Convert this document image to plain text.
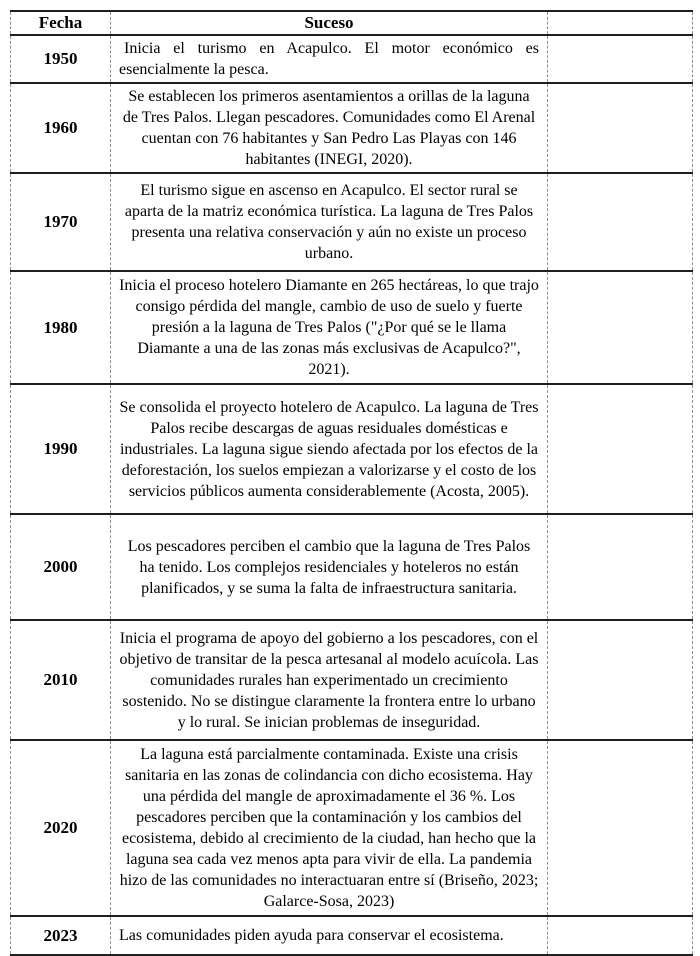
Fecha	Suceso	
1950	Inicia el turismo en Acapulco. El motor económico es esencialmente la pesca.	
1960	Se establecen los primeros asentamientos a orillas de la laguna de Tres Palos. Llegan pescadores. Comunidades como El Arenal cuentan con 76 habitantes y San Pedro Las Playas con 146 habitantes (INEGI, 2020).	
1970	El turismo sigue en ascenso en Acapulco. El sector rural se aparta de la matriz económica turística. La laguna de Tres Palos presenta una relativa conservación y aún no existe un proceso urbano.	
1980	Inicia el proceso hotelero Diamante en 265 hectáreas, lo que trajo consigo pérdida del mangle, cambio de uso de suelo y fuerte presión a la laguna de Tres Palos ("¿Por qué se le llama Diamante a una de las zonas más exclusivas de Acapulco?", 2021).	
1990	Se consolida el proyecto hotelero de Acapulco. La laguna de Tres Palos recibe descargas de aguas residuales domésticas e industriales. La laguna sigue siendo afectada por los efectos de la deforestación, los suelos empiezan a valorizarse y el costo de los servicios públicos aumenta considerablemente (Acosta, 2005).	
2000	Los pescadores perciben el cambio que la laguna de Tres Palos ha tenido. Los complejos residenciales y hoteleros no están planificados, y se suma la falta de infraestructura sanitaria.	
2010	Inicia el programa de apoyo del gobierno a los pescadores, con el objetivo de transitar de la pesca artesanal al modelo acuícola. Las comunidades rurales han experimentado un crecimiento sostenido. No se distingue claramente la frontera entre lo urbano y lo rural. Se inician problemas de inseguridad.	
2020	La laguna está parcialmente contaminada. Existe una crisis sanitaria en las zonas de colindancia con dicho ecosistema. Hay una pérdida del mangle de aproximadamente el 36 %. Los pescadores perciben que la contaminación y los cambios del ecosistema, debido al crecimiento de la ciudad, han hecho que la laguna sea cada vez menos apta para vivir de ella. La pandemia hizo de las comunidades no interactuaran entre sí (Briseño, 2023; Galarce-Sosa, 2023)	
2023	Las comunidades piden ayuda para conservar el ecosistema.	
